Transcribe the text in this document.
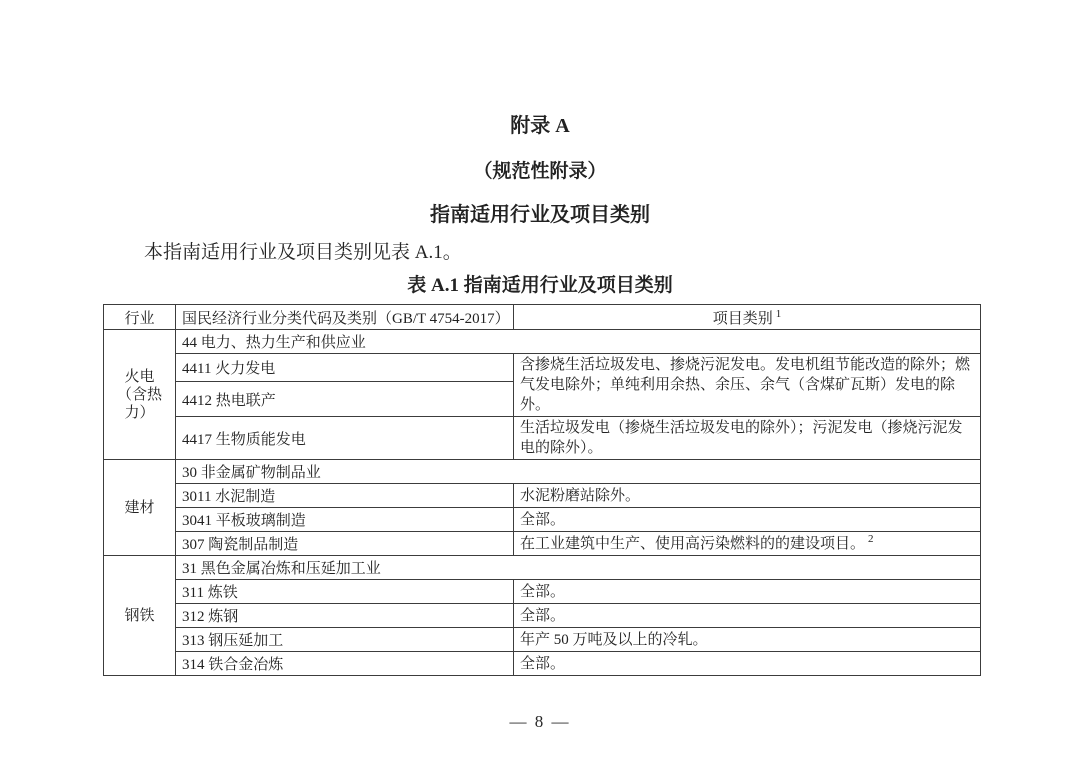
附录 A
（规范性附录）
指南适用行业及项目类别

本指南适用行业及项目类别见表 A.1。

表 A.1 指南适用行业及项目类别
行业	国民经济行业分类代码及类别（GB/T 4754-2017）	项目类别 $^1$
火电（含热力）	44 电力、热力生产和供应业	
	4411 火力发电	含掺烧生活垃圾发电、掺烧污泥发电。发电机组节能改造的除外；燃气发电除外；单纯利用余热、余压、余气（含煤矿瓦斯）发电的除外。
	4412 热电联产	
	4417 生物质能发电	生活垃圾发电（掺烧生活垃圾发电的除外）；污泥发电（掺烧污泥发电的除外）。
建材	30 非金属矿物制品业	
	3011 水泥制造	水泥粉磨站除外。
	3041 平板玻璃制造	全部。
	307 陶瓷制品制造	在工业建筑中生产、使用高污染燃料的的建设项目。 $^2$
钢铁	31 黑色金属冶炼和压延加工业	
	311 炼铁	全部。
	312 炼钢	全部。
	313 钢压延加工	年产 50 万吨及以上的冷轧。
	314 铁合金冶炼	全部。
— 8 —
